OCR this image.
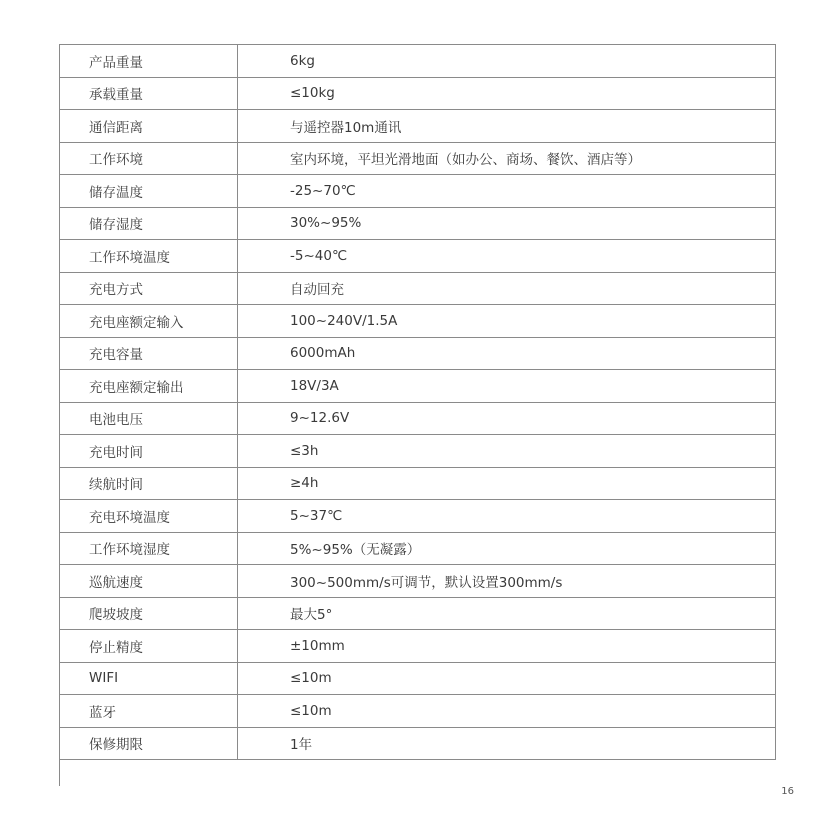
产品重量	6kg
承载重量	≤10kg
通信距离	与遥控器10m通讯
工作环境	室内环境，平坦光滑地面（如办公、商场、餐饮、酒店等）
储存温度	-25~70℃
储存湿度	30%~95%
工作环境温度	-5~40℃
充电方式	自动回充
充电座额定输入	100~240V/1.5A
充电容量	6000mAh
充电座额定输出	18V/3A
电池电压	9~12.6V
充电时间	≤3h
续航时间	≥4h
充电环境温度	5~37℃
工作环境湿度	5%~95%（无凝露）
巡航速度	300~500mm/s可调节，默认设置300mm/s
爬坡坡度	最大5°
停止精度	±10mm
WIFI	≤10m
蓝牙	≤10m
保修期限	1年
16
